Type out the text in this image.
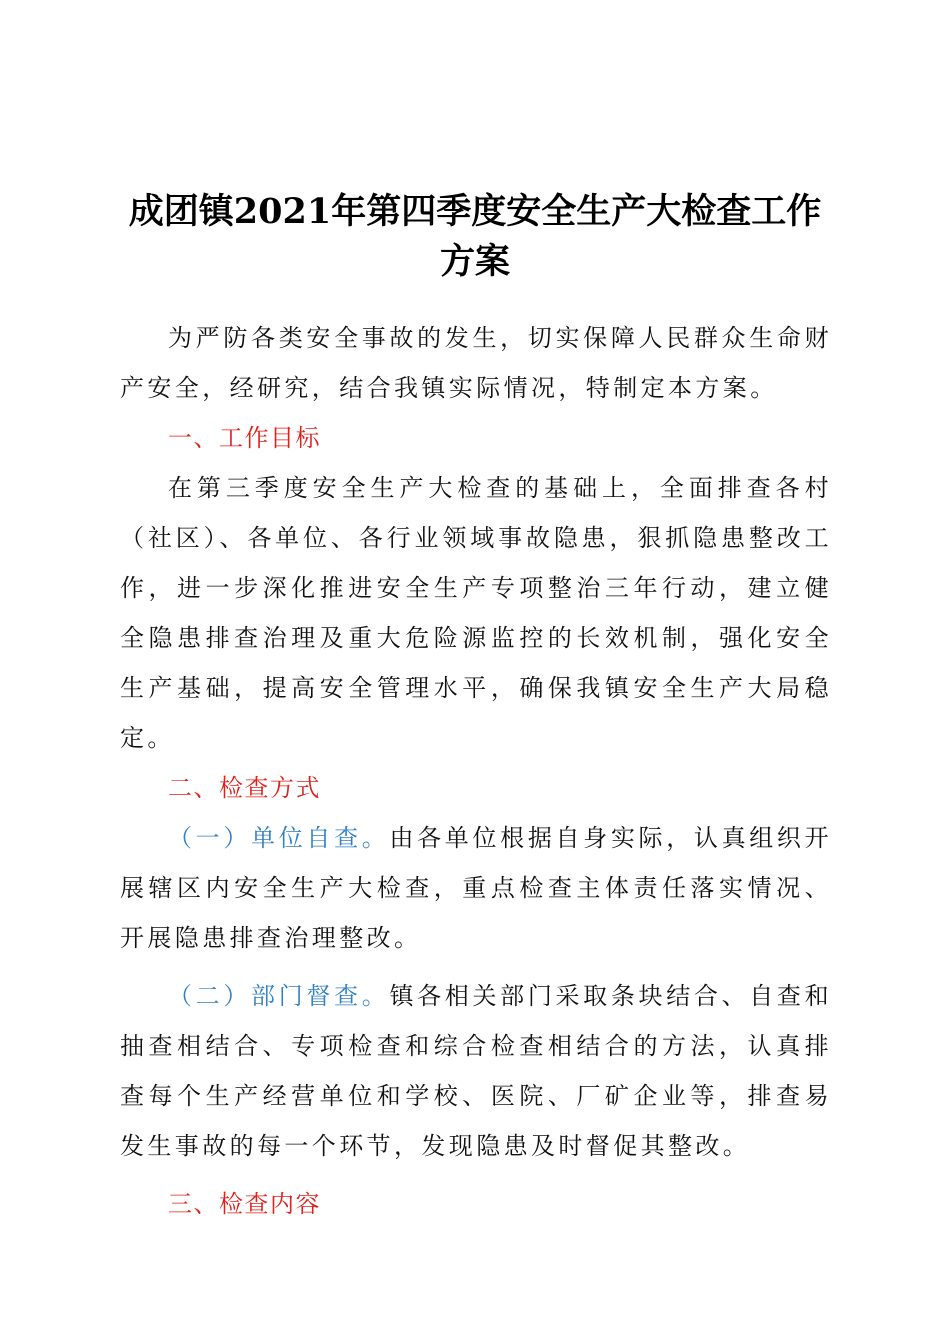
成团镇2021年第四季度安全生产大检查工作
方案

为严防各类安全事故的发生，切实保障人民群众生命财产安全，经研究，结合我镇实际情况，特制定本方案。

一、工作目标

在第三季度安全生产大检查的基础上，全面排查各村（社区）、各单位、各行业领域事故隐患，狠抓隐患整改工作，进一步深化推进安全生产专项整治三年行动，建立健全隐患排查治理及重大危险源监控的长效机制，强化安全生产基础，提高安全管理水平，确保我镇安全生产大局稳定。

二、检查方式

（一）单位自查。由各单位根据自身实际，认真组织开展辖区内安全生产大检查，重点检查主体责任落实情况、开展隐患排查治理整改。

（二）部门督查。镇各相关部门采取条块结合、自查和抽查相结合、专项检查和综合检查相结合的方法，认真排查每个生产经营单位和学校、医院、厂矿企业等，排查易发生事故的每一个环节，发现隐患及时督促其整改。

三、检查内容
